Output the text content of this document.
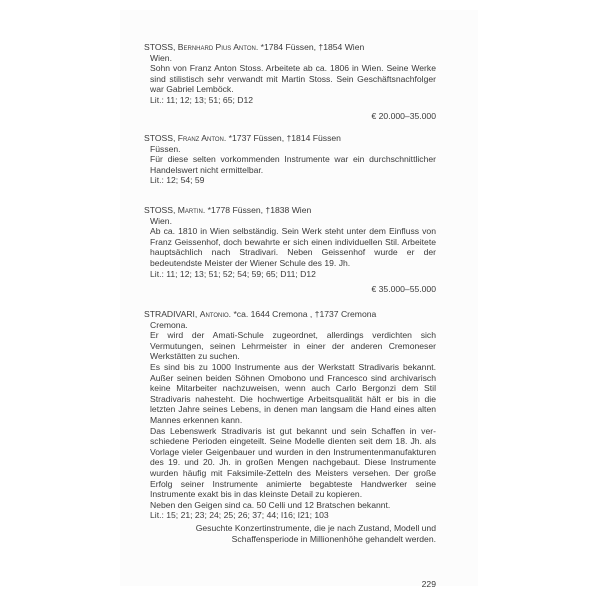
STOSS, Bernhard Pius Anton. *1784 Füssen, †1854 Wien
Wien.

Sohn von Franz Anton Stoss. Arbeitete ab ca. 1806 in Wien. Seine Werke sind stilistisch sehr verwandt mit Martin Stoss. Sein Geschäftsnachfolger war Gabriel Lemböck.

Lit.: 11; 12; 13; 51; 65; D12
€ 20.000–35.000
STOSS, Franz Anton. *1737 Füssen, †1814 Füssen
Füssen.

Für diese selten vorkommenden Instrumente war ein durchschnittlicher Handelswert nicht ermittelbar.

Lit.: 12; 54; 59
STOSS, Martin. *1778 Füssen, †1838 Wien
Wien.

Ab ca. 1810 in Wien selbständig. Sein Werk steht unter dem Einfluss von Franz Geissenhof, doch bewahrte er sich einen individuellen Stil. Arbeitete hauptsächlich nach Stradivari. Neben Geissenhof wurde er der bedeutendste Meister der Wiener Schule des 19. Jh.

Lit.: 11; 12; 13; 51; 52; 54; 59; 65; D11; D12
€ 35.000–55.000
STRADIVARI, Antonio. *ca. 1644 Cremona , †1737 Cremona
Cremona.

Er wird der Amati-Schule zugeordnet, allerdings verdichten sich Vermutungen, seinen Lehrmeister in einer der anderen Cremoneser Werkstätten zu suchen.

Es sind bis zu 1000 Instrumente aus der Werkstatt Stradivaris bekannt. Außer seinen beiden Söhnen Omobono und Francesco sind archivarisch keine Mitarbeiter nachzuweisen, wenn auch Carlo Bergonzi dem Stil Stradivaris nahesteht. Die hochwertige Arbeitsqualität hält er bis in die letzten Jahre seines Lebens, in denen man langsam die Hand eines alten Mannes erkennen kann.

Das Lebenswerk Stradivaris ist gut bekannt und sein Schaffen in verschiedene Perioden eingeteilt. Seine Modelle dienten seit dem 18. Jh. als Vorlage vieler Geigenbauer und wurden in den Instrumentenmanufakturen des 19. und 20. Jh. in großen Mengen nachgebaut. Diese Instrumente wurden häufig mit Faksimile-Zetteln des Meisters versehen. Der große Erfolg seiner Instrumente animierte begabteste Handwerker seine Instrumente exakt bis in das kleinste Detail zu kopieren.

Neben den Geigen sind ca. 50 Celli und 12 Bratschen bekannt.

Lit.: 15; 21; 23; 24; 25; 26; 37; 44; I16; I21; 103
Gesuchte Konzertinstrumente, die je nach Zustand, Modell und Schaffensperiode in Millionenhöhe gehandelt werden.
229
